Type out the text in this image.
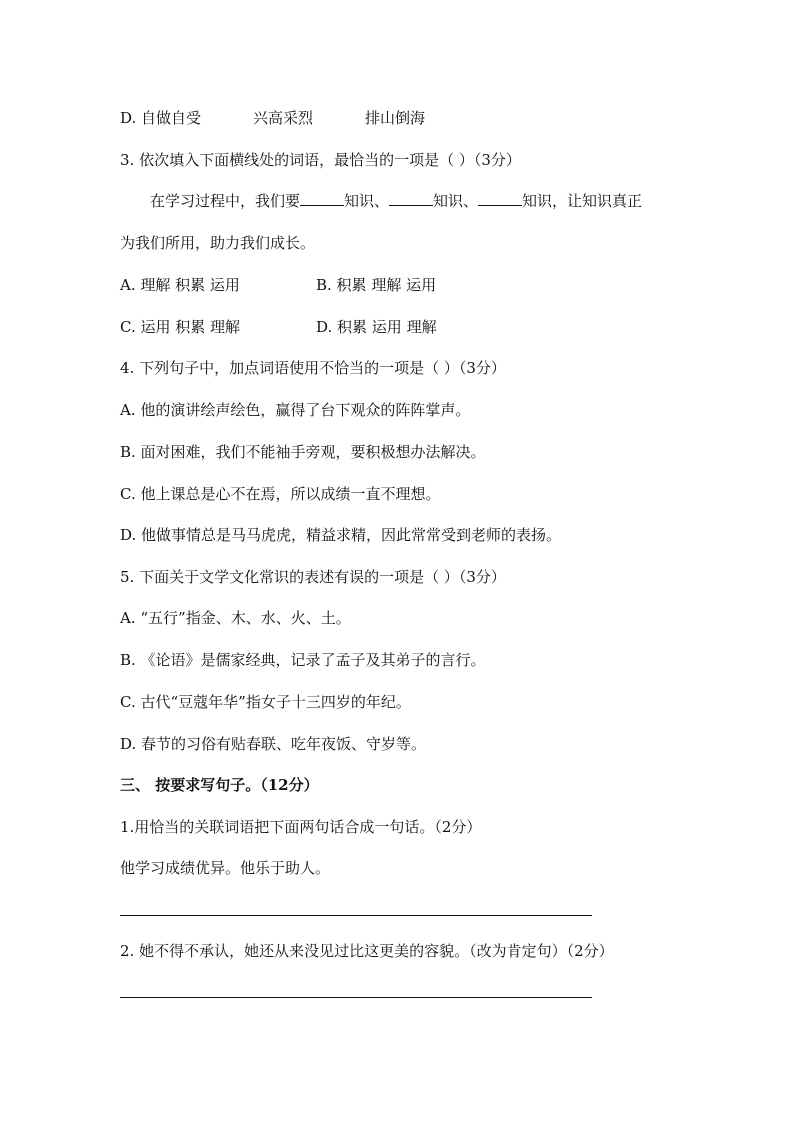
D. 自做自受	兴高采烈	排山倒海
3. 依次填入下面横线处的词语，最恰当的一项是（ ）（3分）
在学习过程中，我们要	知识、	知识、	知识，让知识真正
为我们所用，助力我们成长。
A. 理解 积累 运用	B. 积累 理解 运用
C. 运用 积累 理解	D. 积累 运用 理解
4. 下列句子中，加点词语使用不恰当的一项是（ ）（3分）
A. 他的演讲绘声绘色，赢得了台下观众的阵阵掌声。
B. 面对困难，我们不能袖手旁观，要积极想办法解决。
C. 他上课总是心不在焉，所以成绩一直不理想。
D. 他做事情总是马马虎虎，精益求精，因此常常受到老师的表扬。
5. 下面关于文学文化常识的表述有误的一项是（ ）（3分）
A. “五行”指金、木、水、火、土。
B. 《论语》是儒家经典，记录了孟子及其弟子的言行。
C. 古代“豆蔻年华”指女子十三四岁的年纪。
D. 春节的习俗有贴春联、吃年夜饭、守岁等。
三、 按要求写句子。（12分）
1.用恰当的关联词语把下面两句话合成一句话。（2分）
他学习成绩优异。他乐于助人。
2. 她不得不承认，她还从来没见过比这更美的容貌。（改为肯定句）（2分）
